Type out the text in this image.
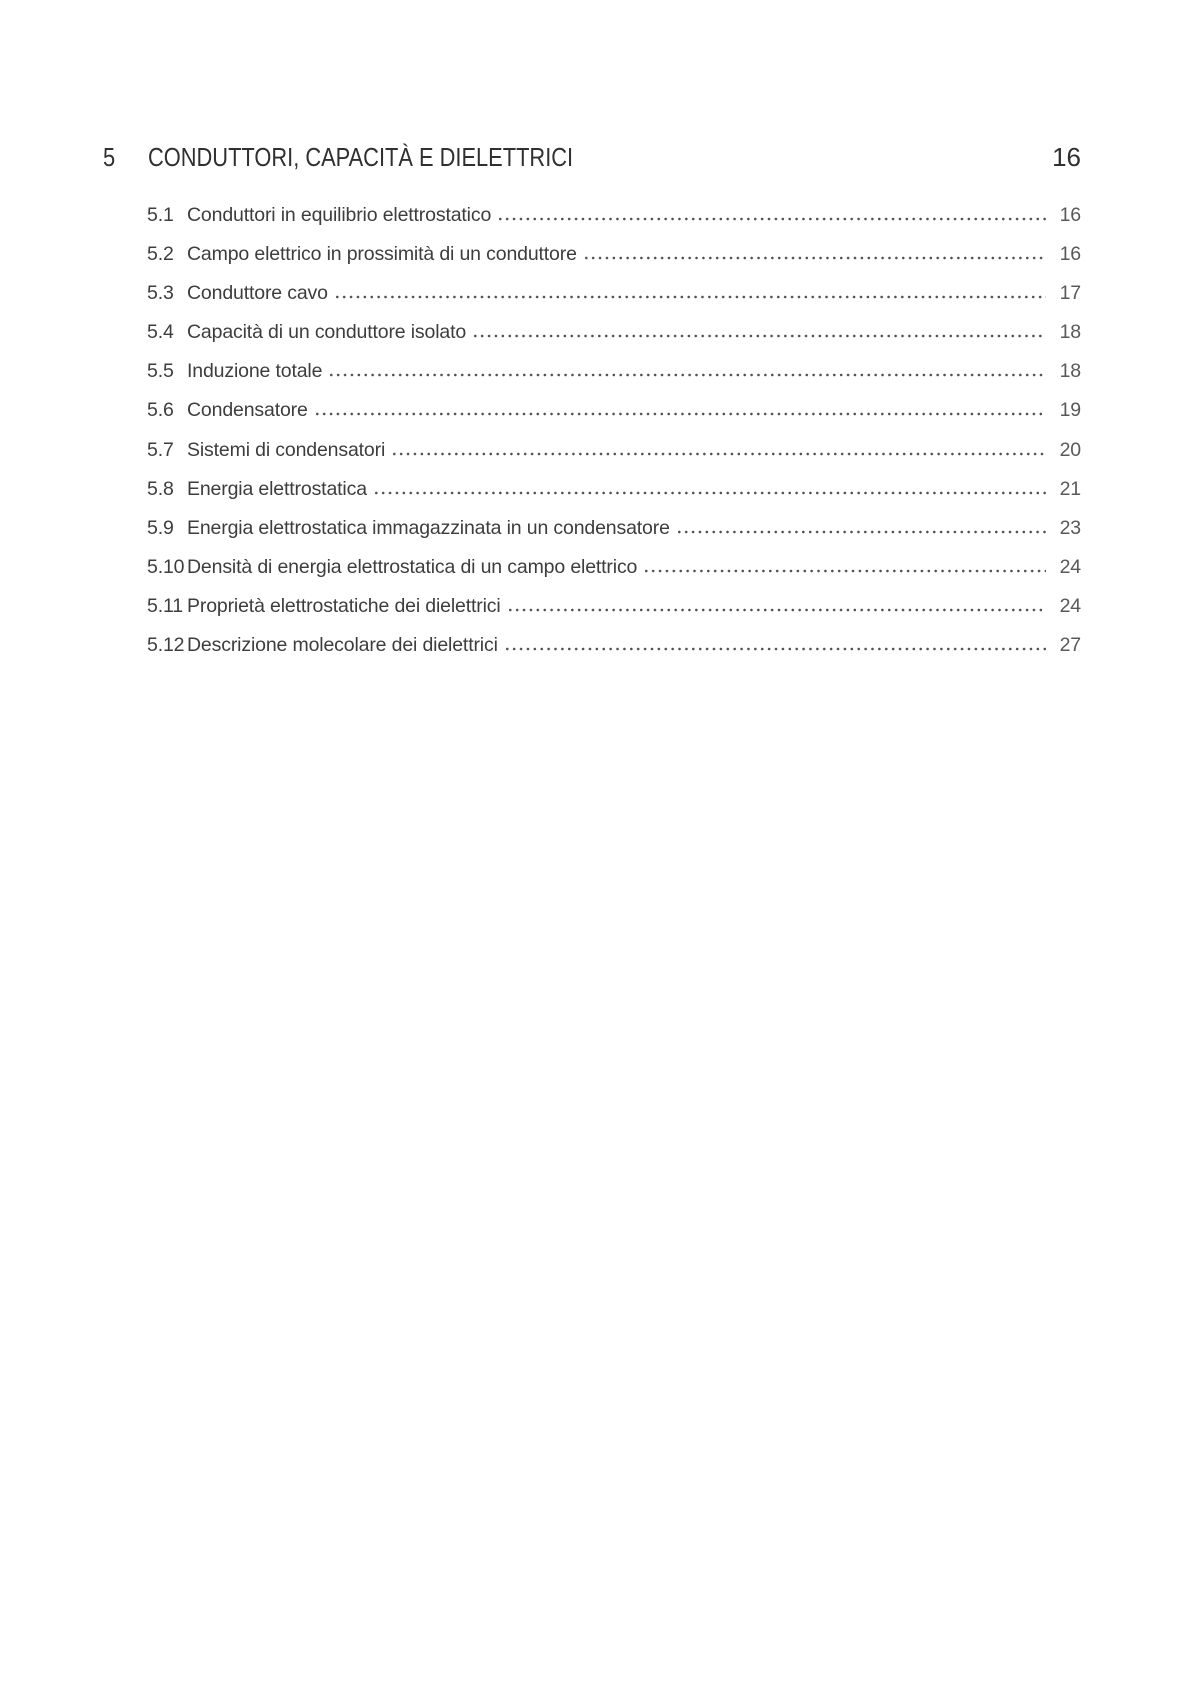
5	CONDUTTORI, CAPACITÀ E DIELETTRICI	16
5.1 Conduttori in equilibrio elettrostatico	16
5.2 Campo elettrico in prossimità di un conduttore	16
5.3 Conduttore cavo	17
5.4 Capacità di un conduttore isolato	18
5.5 Induzione totale	18
5.6 Condensatore	19
5.7 Sistemi di condensatori	20
5.8 Energia elettrostatica	21
5.9 Energia elettrostatica immagazzinata in un condensatore	23
5.10 Densità di energia elettrostatica di un campo elettrico	24
5.11 Proprietà elettrostatiche dei dielettrici	24
5.12 Descrizione molecolare dei dielettrici	27
